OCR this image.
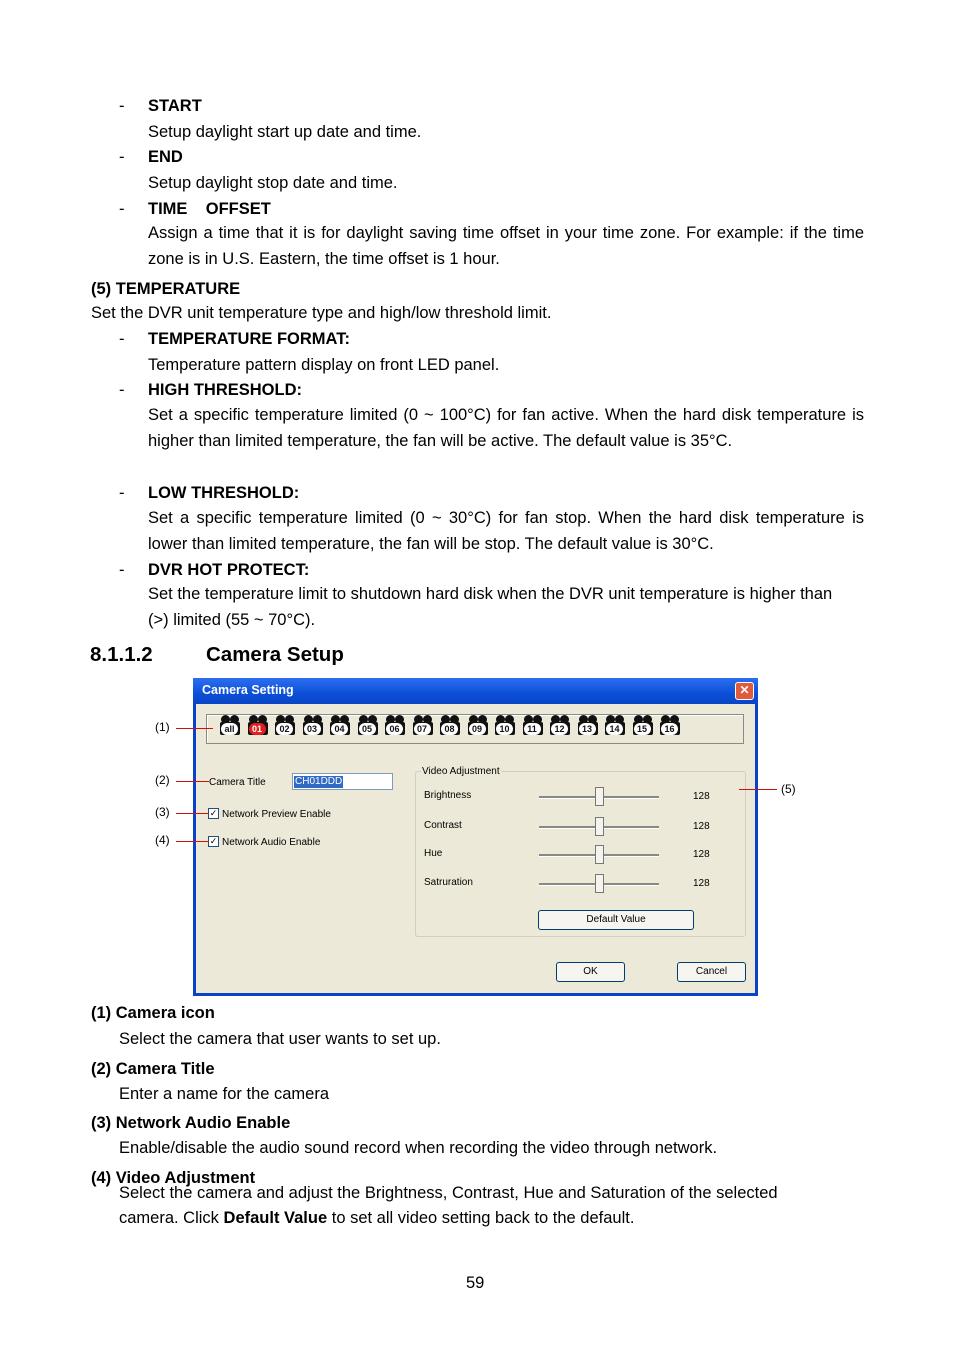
- START
Setup daylight start up date and time.
- END
Setup daylight stop date and time.
- TIME    OFFSET
Assign a time that it is for daylight saving time offset in your time zone. For example: if the time zone is in U.S. Eastern, the time offset is 1 hour.
(5) TEMPERATURE
Set the DVR unit temperature type and high/low threshold limit.
- TEMPERATURE FORMAT:
Temperature pattern display on front LED panel.
- HIGH THRESHOLD:
Set a specific temperature limited (0 ~ 100°C) for fan active. When the hard disk temperature is higher than limited temperature, the fan will be active. The default value is 35°C.
- LOW THRESHOLD:
Set a specific temperature limited (0 ~ 30°C) for fan stop. When the hard disk temperature is lower than limited temperature, the fan will be stop. The default value is 30°C.
- DVR HOT PROTECT:
Set the temperature limit to shutdown hard disk when the DVR unit temperature is higher than (>) limited (55 ~ 70°C).
8.1.1.2	Camera Setup
(1)
(2)
(3)
(4)
(5)
Camera Setting	✕
all	01	02	03	04	05	06	07	08	09	10	11	12	13	14	15	16
Camera Title	CH01DDD
✓ Network Preview Enable
✓ Network Audio Enable
Video Adjustment
Brightness	128
Contrast	128
Hue	128
Satruration	128
Default Value
OK	Cancel
(1) Camera icon
Select the camera that user wants to set up.
(2) Camera Title
Enter a name for the camera
(3) Network Audio Enable
Enable/disable the audio sound record when recording the video through network.
(4) Video Adjustment
Select the camera and adjust the Brightness, Contrast, Hue and Saturation of the selected camera. Click Default Value to set all video setting back to the default.
59
